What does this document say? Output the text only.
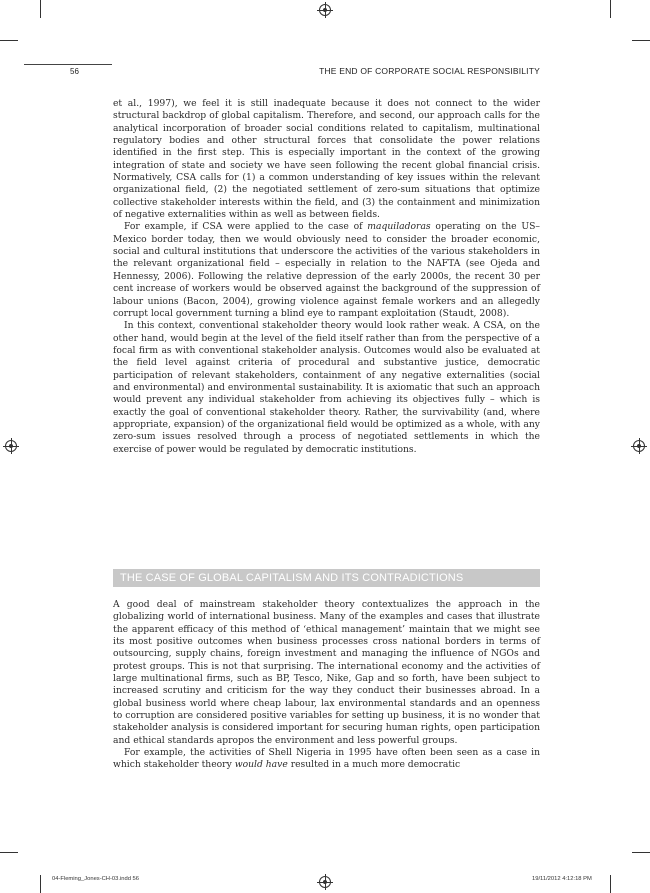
56	THE END OF CORPORATE SOCIAL RESPONSIBILITY

et al., 1997), we feel it is still inadequate because it does not connect to the wider structural backdrop of global capitalism. Therefore, and second, our approach calls for the analytical incorporation of broader social conditions related to capitalism, multinational regulatory bodies and other structural forces that consolidate the power relations identified in the first step. This is especially important in the context of the growing integration of state and society we have seen following the recent global financial crisis. Normatively, CSA calls for (1) a common understanding of key issues within the relevant organizational field, (2) the negotiated settlement of zero-sum situations that optimize collective stakeholder interests within the field, and (3) the containment and minimization of negative externalities within as well as between fields.

For example, if CSA were applied to the case of maquiladoras operating on the US–Mexico border today, then we would obviously need to consider the broader economic, social and cultural institutions that underscore the activities of the various stakeholders in the relevant organizational field – especially in relation to the NAFTA (see Ojeda and Hennessy, 2006). Following the relative depression of the early 2000s, the recent 30 per cent increase of workers would be observed against the background of the suppression of labour unions (Bacon, 2004), growing violence against female workers and an allegedly corrupt local government turning a blind eye to rampant exploitation (Staudt, 2008).

In this context, conventional stakeholder theory would look rather weak. A CSA, on the other hand, would begin at the level of the field itself rather than from the perspective of a focal firm as with conventional stakeholder analysis. Outcomes would also be evaluated at the field level against criteria of procedural and substantive justice, democratic participation of relevant stakeholders, containment of any negative externalities (social and environmental) and environmental sustainability. It is axiomatic that such an approach would prevent any individual stakeholder from achieving its objectives fully – which is exactly the goal of conventional stakeholder theory. Rather, the survivability (and, where appropriate, expansion) of the organizational field would be optimized as a whole, with any zero-sum issues resolved through a process of negotiated settlements in which the exercise of power would be regulated by democratic institutions.

THE CASE OF GLOBAL CAPITALISM AND ITS CONTRADICTIONS

A good deal of mainstream stakeholder theory contextualizes the approach in the globalizing world of international business. Many of the examples and cases that illustrate the apparent efficacy of this method of ‘ethical management’ maintain that we might see its most positive outcomes when business processes cross national borders in terms of outsourcing, supply chains, foreign investment and managing the influence of NGOs and protest groups. This is not that surprising. The international economy and the activities of large multinational firms, such as BP, Tesco, Nike, Gap and so forth, have been subject to increased scrutiny and criticism for the way they conduct their businesses abroad. In a global business world where cheap labour, lax environmental standards and an openness to corruption are considered positive variables for setting up business, it is no wonder that stakeholder analysis is considered important for securing human rights, open participation and ethical standards apropos the environment and less powerful groups.

For example, the activities of Shell Nigeria in 1995 have often been seen as a case in which stakeholder theory would have resulted in a much more democratic

04-Fleming_Jones-CH-03.indd 56	19/11/2012 4:12:18 PM
